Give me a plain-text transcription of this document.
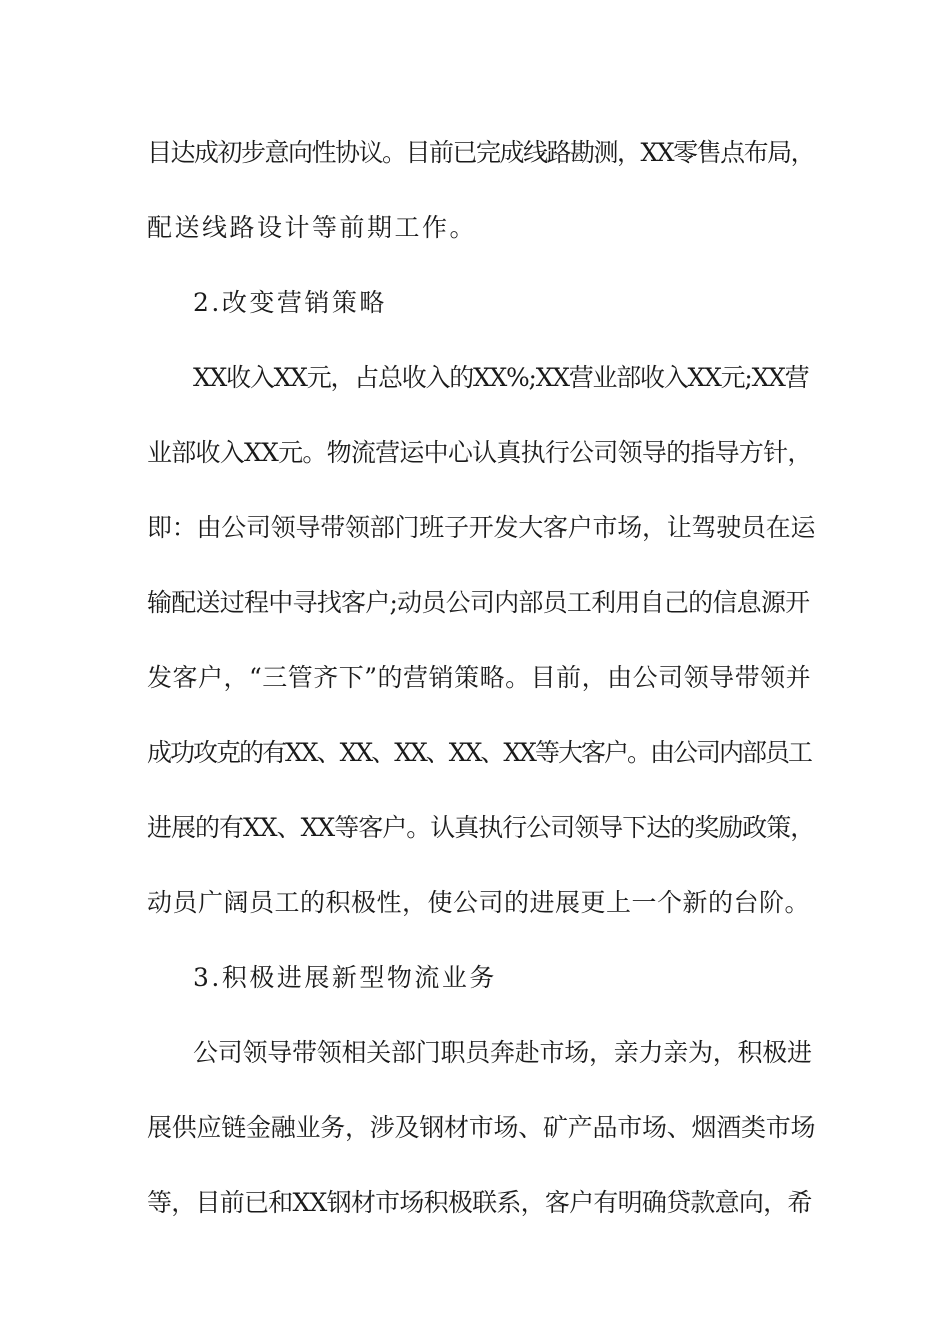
目达成初步意向性协议。目前已完成线路勘测，XX零售点布局，
配送线路设计等前期工作。
2.改变营销策略
XX收入XX元，占总收入的XX%;XX营业部收入XX元;XX营
业部收入XX元。物流营运中心认真执行公司领导的指导方针，
即：由公司领导带领部门班子开发大客户市场，让驾驶员在运
输配送过程中寻找客户;动员公司内部员工利用自己的信息源开
发客户，“三管齐下”的营销策略。目前，由公司领导带领并
成功攻克的有XX、XX、XX、XX、XX等大客户。由公司内部员工
进展的有XX、XX等客户。认真执行公司领导下达的奖励政策，
动员广阔员工的积极性，使公司的进展更上一个新的台阶。
3.积极进展新型物流业务
公司领导带领相关部门职员奔赴市场，亲力亲为，积极进
展供应链金融业务，涉及钢材市场、矿产品市场、烟酒类市场
等，目前已和XX钢材市场积极联系，客户有明确贷款意向，希
